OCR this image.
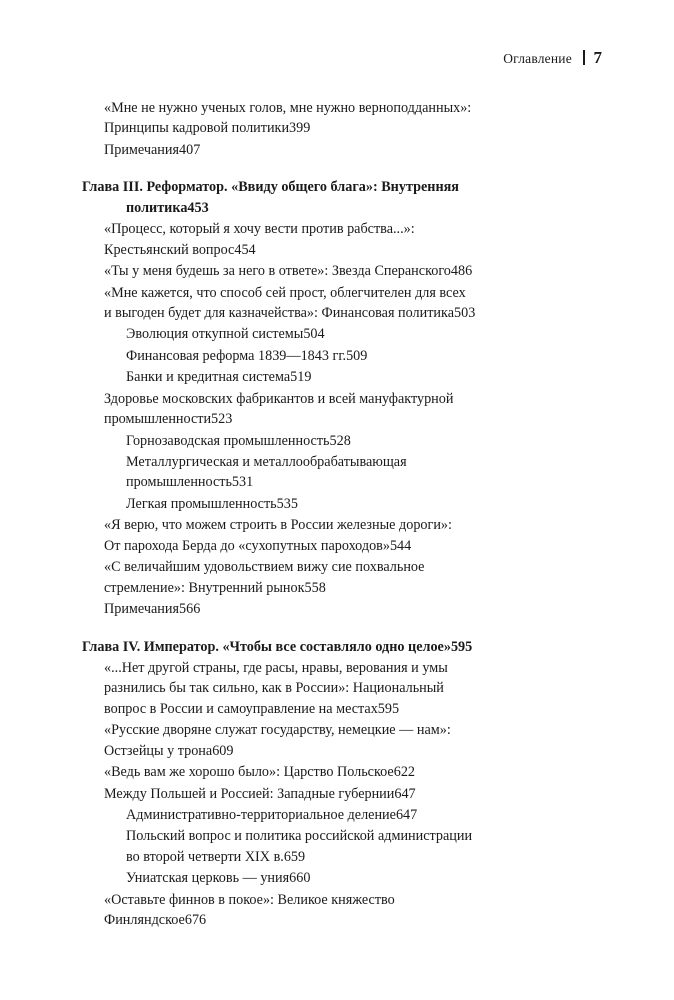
Оглавление 7
«Мне не нужно ученых голов, мне нужно верноподданных»:
Принципы кадровой политики 399
Примечания 407
Глава III. Реформатор. «Ввиду общего блага»: Внутренняя
политика 453
«Процесс, который я хочу вести против рабства...»:
Крестьянский вопрос 454
«Ты у меня будешь за него в ответе»: Звезда Сперанского 486
«Мне кажется, что способ сей прост, облегчителен для всех
и выгоден будет для казначейства»: Финансовая политика 503
Эволюция откупной системы 504
Финансовая реформа 1839—1843 гг. 509
Банки и кредитная система 519
Здоровье московских фабрикантов и всей мануфактурной
промышленности 523
Горнозаводская промышленность 528
Металлургическая и металлообрабатывающая
промышленность 531
Легкая промышленность 535
«Я верю, что можем строить в России железные дороги»:
От парохода Берда до «сухопутных пароходов» 544
«С величайшим удовольствием вижу сие похвальное
стремление»: Внутренний рынок 558
Примечания 566
Глава IV. Император. «Чтобы все составляло одно целое» 595
«...Нет другой страны, где расы, нравы, верования и умы
разнились бы так сильно, как в России»: Национальный
вопрос в России и самоуправление на местах 595
«Русские дворяне служат государству, немецкие — нам»:
Остзейцы у трона 609
«Ведь вам же хорошо было»: Царство Польское 622
Между Польшей и Россией: Западные губернии 647
Административно-территориальное деление 647
Польский вопрос и политика российской администрации
во второй четверти XIX в. 659
Униатская церковь — уния 660
«Оставьте финнов в покое»: Великое княжество
Финляндское 676
